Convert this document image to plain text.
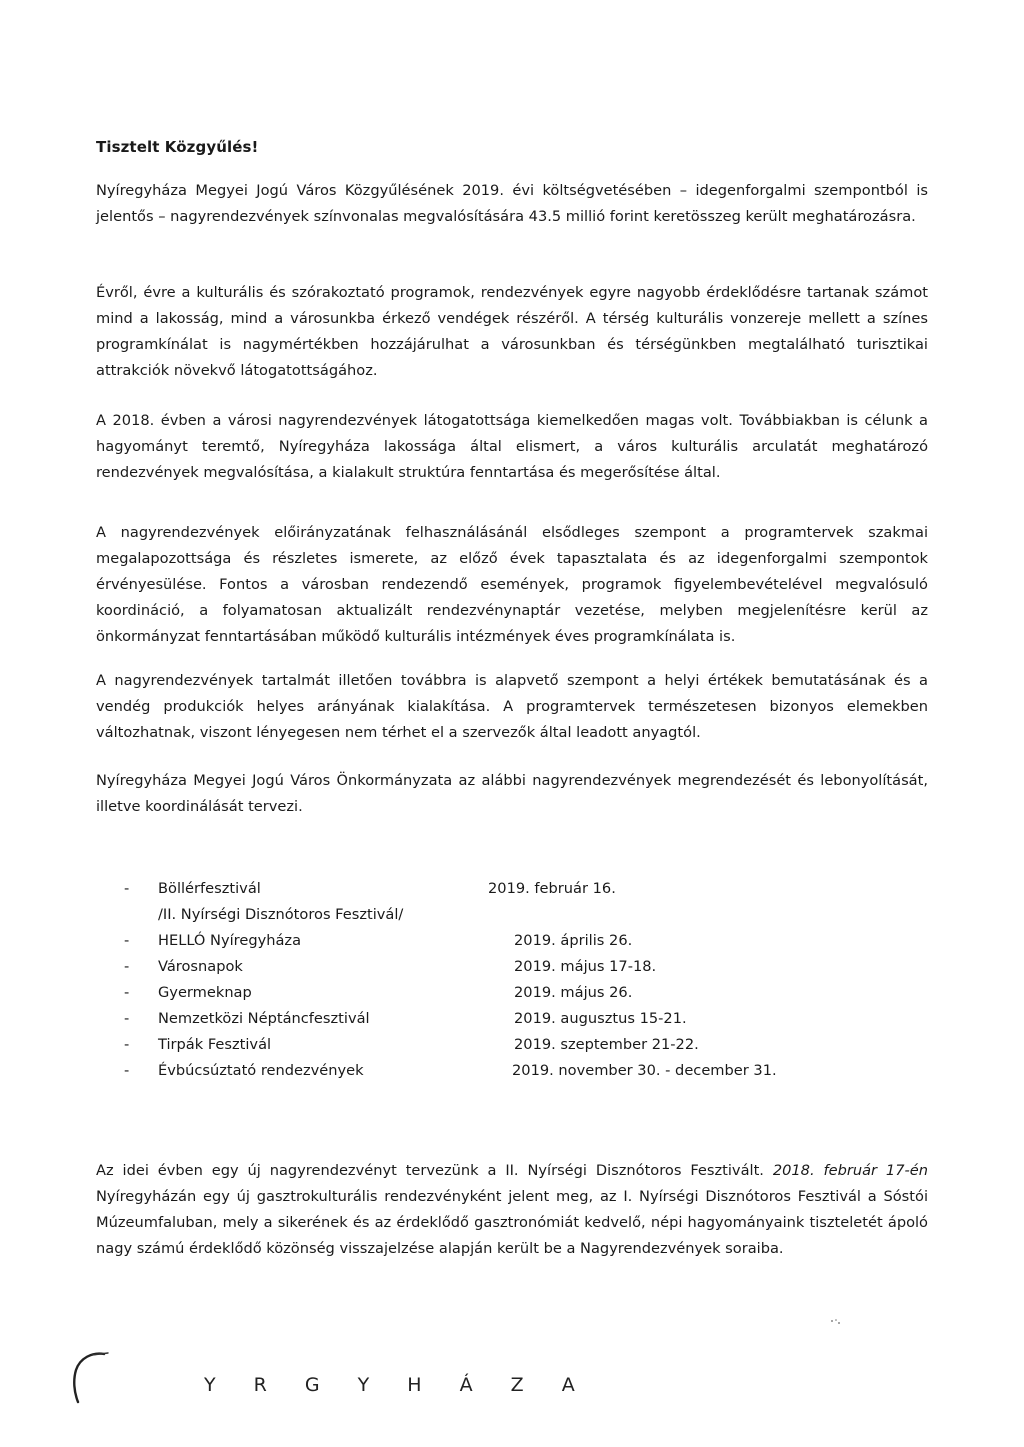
Tisztelt Közgyűlés!

Nyíregyháza Megyei Jogú Város Közgyűlésének 2019. évi költségvetésében – idegenforgalmi szempontból is jelentős – nagyrendezvények színvonalas megvalósítására 43.5 millió forint keretösszeg került meghatározásra.

Évről, évre a kulturális és szórakoztató programok, rendezvények egyre nagyobb érdeklődésre tartanak számot mind a lakosság, mind a városunkba érkező vendégek részéről. A térség kulturális vonzereje mellett a színes programkínálat is nagymértékben hozzájárulhat a városunkban és térségünkben megtalálható turisztikai attrakciók növekvő látogatottságához.

A 2018. évben a városi nagyrendezvények látogatottsága kiemelkedően magas volt. Továbbiakban is célunk a hagyományt teremtő, Nyíregyháza lakossága által elismert, a város kulturális arculatát meghatározó rendezvények megvalósítása, a kialakult struktúra fenntartása és megerősítése által.

A nagyrendezvények előirányzatának felhasználásánál elsődleges szempont a programtervek szakmai megalapozottsága és részletes ismerete, az előző évek tapasztalata és az idegenforgalmi szempontok érvényesülése. Fontos a városban rendezendő események, programok figyelembevételével megvalósuló koordináció, a folyamatosan aktualizált rendezvénynaptár vezetése, melyben megjelenítésre kerül az önkormányzat fenntartásában működő kulturális intézmények éves programkínálata is.

A nagyrendezvények tartalmát illetően továbbra is alapvető szempont a helyi értékek bemutatásának és a vendég produkciók helyes arányának kialakítása. A programtervek természetesen bizonyos elemekben változhatnak, viszont lényegesen nem térhet el a szervezők által leadott anyagtól.

Nyíregyháza Megyei Jogú Város Önkormányzata az alábbi nagyrendezvények megrendezését és lebonyolítását, illetve koordinálását tervezi.

- Böllérfesztivál	2019. február 16.
/II. Nyírségi Disznótoros Fesztivál/
- HELLÓ Nyíregyháza	2019. április 26.
- Városnapok	2019. május 17-18.
- Gyermeknap	2019. május 26.
- Nemzetközi Néptáncfesztivál	2019. augusztus 15-21.
- Tirpák Fesztivál	2019. szeptember 21-22.
- Évbúcsúztató rendezvények	2019. november 30. - december 31.

Az idei évben egy új nagyrendezvényt tervezünk a II. Nyírségi Disznótoros Fesztivált. 2018. február 17-én Nyíregyházán egy új gasztrokulturális rendezvényként jelent meg, az I. Nyírségi Disznótoros Fesztivál a Sóstói Múzeumfaluban, mely a sikerének és az érdeklődő gasztronómiát kedvelő, népi hagyományaink tiszteletét ápoló nagy számú érdeklődő közönség visszajelzése alapján került be a Nagyrendezvények soraiba.

Y R G Y H Á Z A
